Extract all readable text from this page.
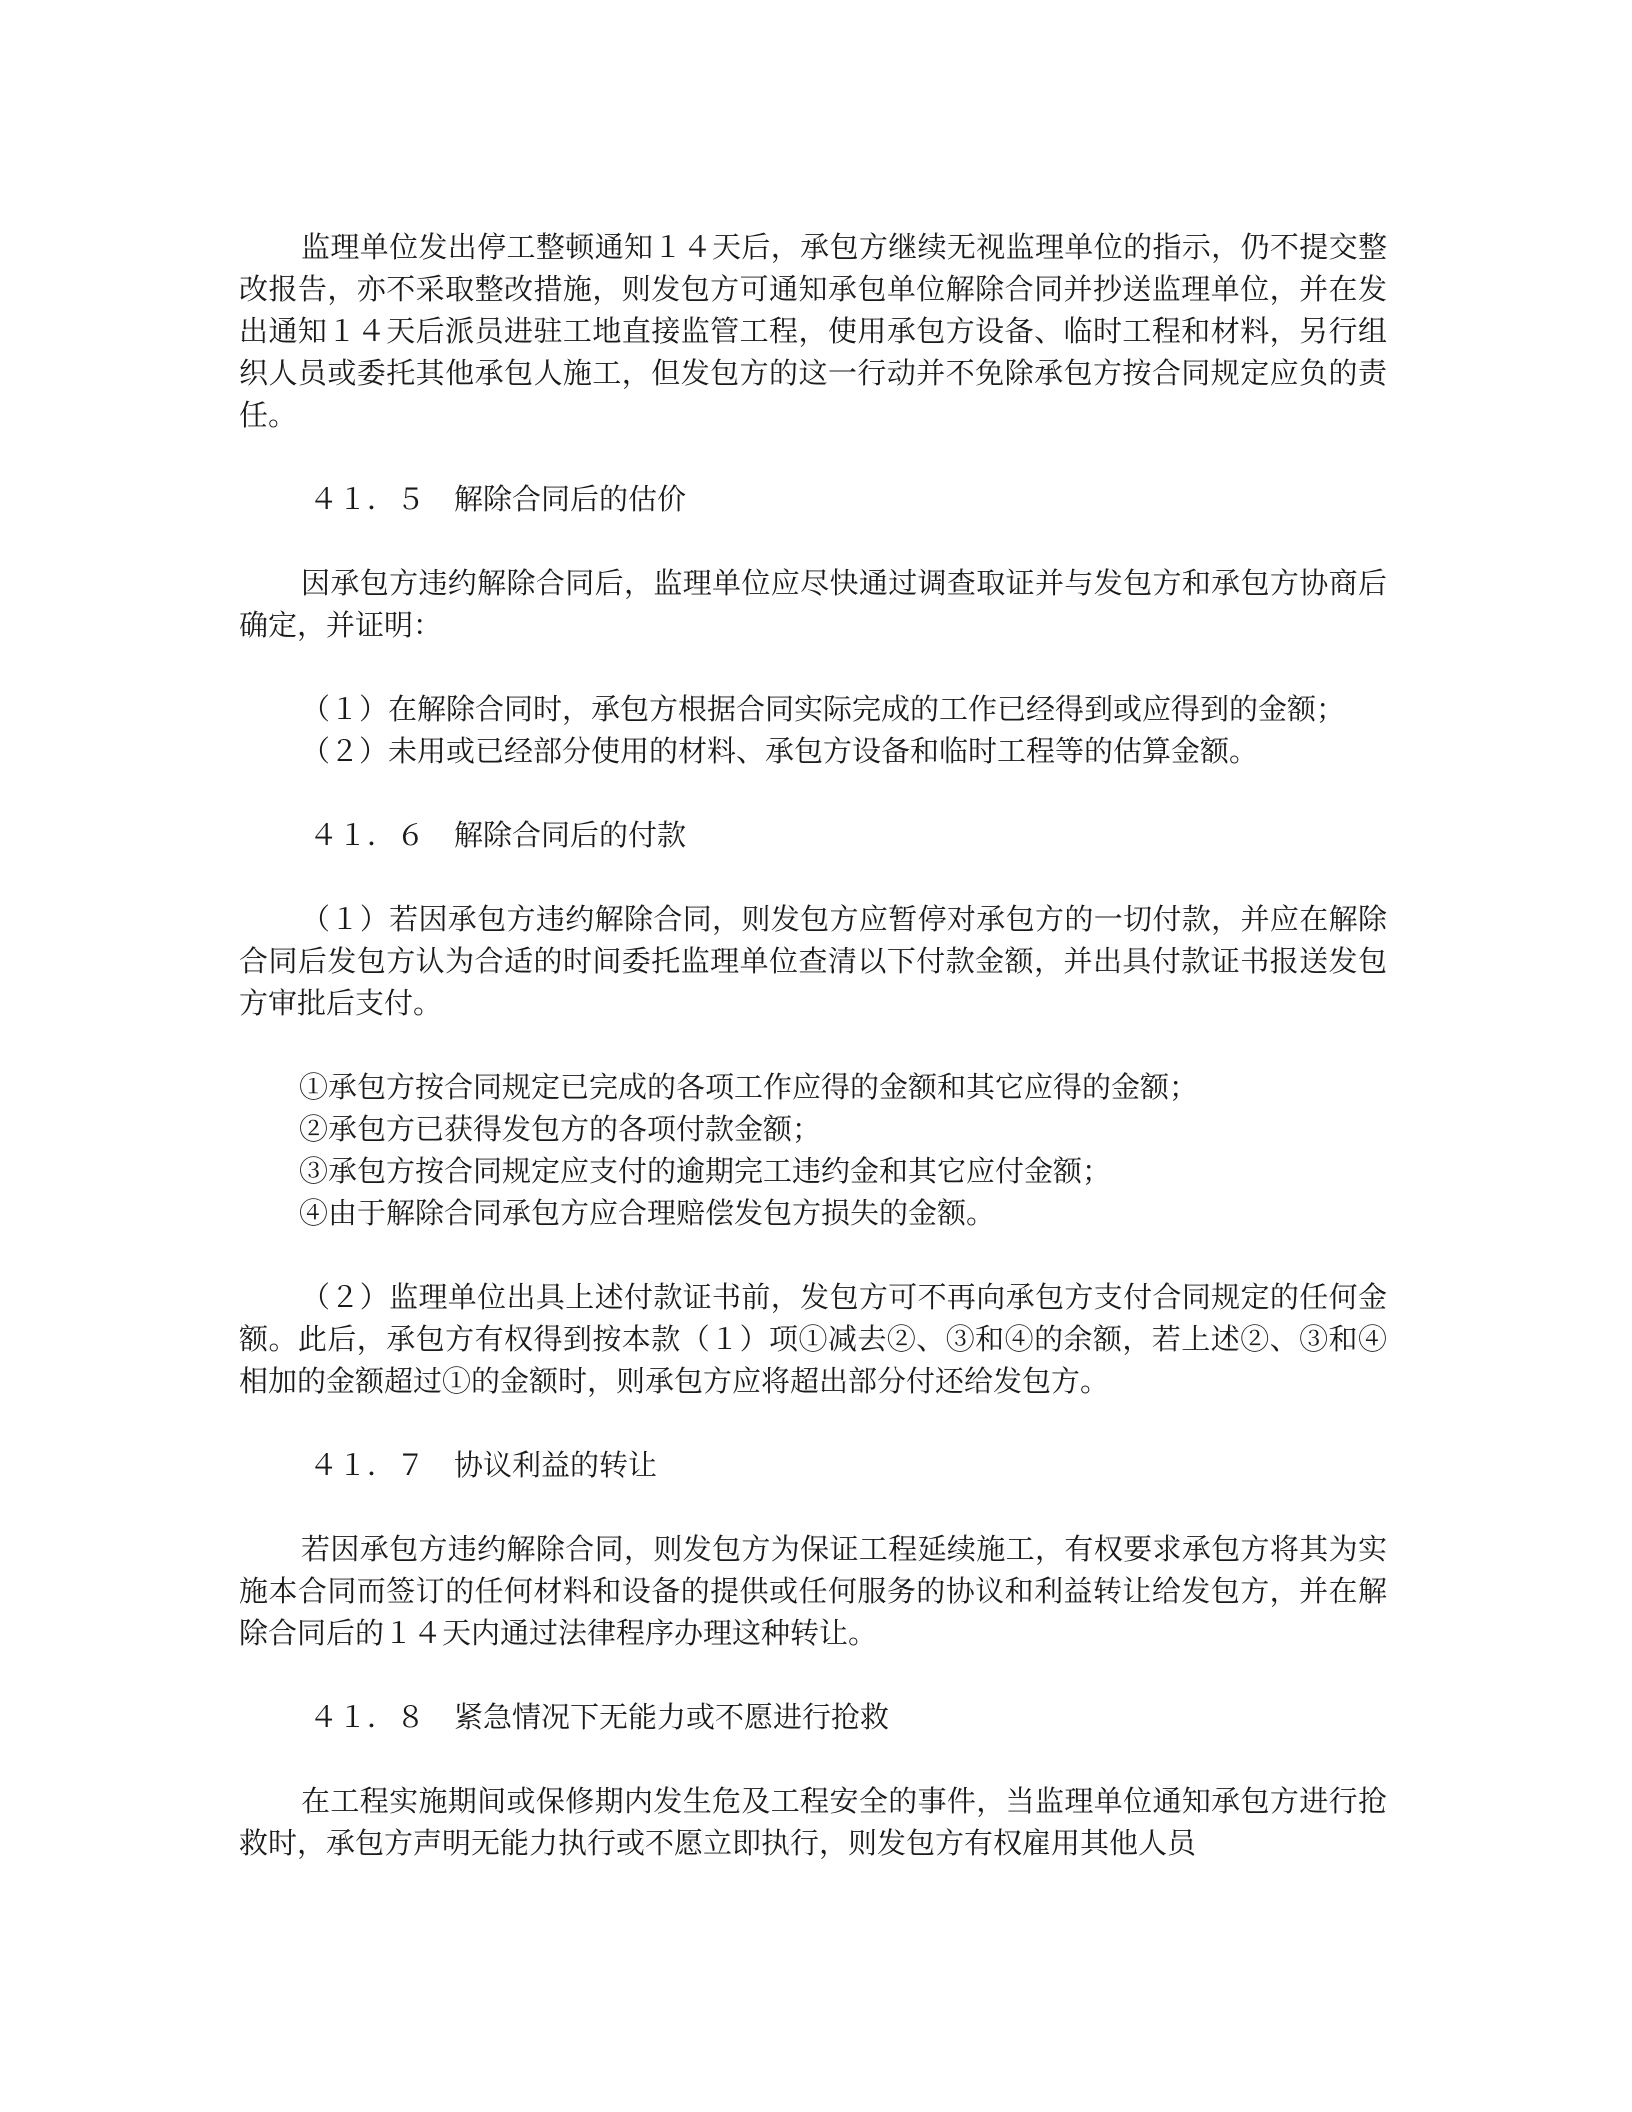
监理单位发出停工整顿通知１４天后，承包方继续无视监理单位的指示，仍不提交整改报告，亦不采取整改措施，则发包方可通知承包单位解除合同并抄送监理单位，并在发出通知１４天后派员进驻工地直接监管工程，使用承包方设备、临时工程和材料，另行组织人员或委托其他承包人施工，但发包方的这一行动并不免除承包方按合同规定应负的责任。

４１．５　解除合同后的估价

因承包方违约解除合同后，监理单位应尽快通过调查取证并与发包方和承包方协商后确定，并证明：

（１）在解除合同时，承包方根据合同实际完成的工作已经得到或应得到的金额；

（２）未用或已经部分使用的材料、承包方设备和临时工程等的估算金额。

４１．６　解除合同后的付款

（１）若因承包方违约解除合同，则发包方应暂停对承包方的一切付款，并应在解除合同后发包方认为合适的时间委托监理单位查清以下付款金额，并出具付款证书报送发包方审批后支付。

①承包方按合同规定已完成的各项工作应得的金额和其它应得的金额；

②承包方已获得发包方的各项付款金额；

③承包方按合同规定应支付的逾期完工违约金和其它应付金额；

④由于解除合同承包方应合理赔偿发包方损失的金额。

（２）监理单位出具上述付款证书前，发包方可不再向承包方支付合同规定的任何金额。此后，承包方有权得到按本款（１）项①减去②、③和④的余额，若上述②、③和④相加的金额超过①的金额时，则承包方应将超出部分付还给发包方。

４１．７　协议利益的转让

若因承包方违约解除合同，则发包方为保证工程延续施工，有权要求承包方将其为实施本合同而签订的任何材料和设备的提供或任何服务的协议和利益转让给发包方，并在解除合同后的１４天内通过法律程序办理这种转让。

４１．８　紧急情况下无能力或不愿进行抢救

在工程实施期间或保修期内发生危及工程安全的事件，当监理单位通知承包方进行抢救时，承包方声明无能力执行或不愿立即执行，则发包方有权雇用其他人员
